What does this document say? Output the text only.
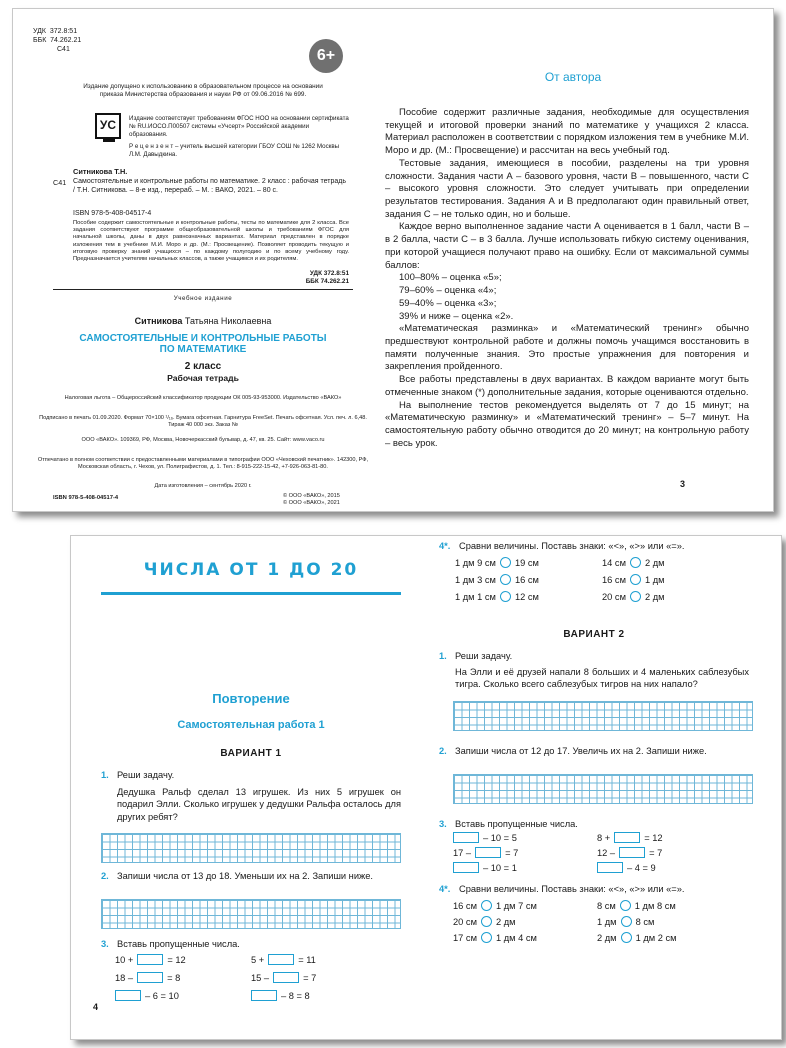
УДК 372.8:51
ББК 74.262.21
С41	6+
Издание допущено к использованию в образовательном процессе на основании приказа Министерства образования и науки РФ от 09.06.2016 № 699.
УС Издание соответствует требованиям ФГОС НОО на основании сертификата № RU.ИОСО.П00507 системы «Учсерт» Российской академии образования.
Р е ц е н з е н т – учитель высшей категории ГБОУ СОШ № 1262 Москвы Л.М. Давыдкина.
Ситникова Т.Н.
С41 Самостоятельные и контрольные работы по математике. 2 класс : рабочая тетрадь / Т.Н. Ситникова. – 8-е изд., перераб. – М. : ВАКО, 2021. – 80 с.
ISBN 978-5-408-04517-4
Пособие содержит самостоятельные и контрольные работы, тесты по математике для 2 класса. Все задания соответствуют программе общеобразовательной школы и требованиям ФГОС для начальной школы, даны в двух равнозначных вариантах. Материал представлен в порядке изложения тем в учебнике М.И. Моро и др. (М.: Просвещение). Позволяет проводить текущую и итоговую проверку знаний учащихся – по каждому полугодию и по всему учебному году. Предназначается учителям начальных классов, а также учащимся и их родителям.
УДК 372.8:51
ББК 74.262.21
Учебное издание
Ситникова Татьяна Николаевна
САМОСТОЯТЕЛЬНЫЕ И КОНТРОЛЬНЫЕ РАБОТЫ
ПО МАТЕМАТИКЕ
2 класс
Рабочая тетрадь
Налоговая льгота – Общероссийский классификатор продукции ОК 005-93-953000. Издательство «ВАКО»
Подписано в печать 01.09.2020. Формат 70×100 ¹/₁₆. Бумага офсетная. Гарнитура FreeSet. Печать офсетная. Усл. печ. л. 6,48. Тираж 40 000 экз. Заказ №
ООО «ВАКО». 109369, РФ, Москва, Новочеркасский бульвар, д. 47, кв. 25. Сайт: www.vaco.ru
Отпечатано в полном соответствии с предоставленными материалами в типографии ООО «Чеховский печатник». 142300, РФ, Московская область, г. Чехов, ул. Полиграфистов, д. 1. Тел.: 8-915-222-15-42, +7-926-063-81-80.
Дата изготовления – сентябрь 2020 г.
ISBN 978-5-408-04517-4	© ООО «ВАКО», 2015
© ООО «ВАКО», 2021
От автора

Пособие содержит различные задания, необходимые для осуществления текущей и итоговой проверки знаний по математике у учащихся 2 класса. Материал расположен в соответствии с порядком изложения тем в учебнике М.И. Моро и др. (М.: Просвещение) и рассчитан на весь учебный год.

Тестовые задания, имеющиеся в пособии, разделены на три уровня сложности. Задания части А – базового уровня, части В – повышенного, части С – высокого уровня сложности. Это следует учитывать при определении результатов тестирования. Задания А и В предполагают один правильный ответ, задания С – не только один, но и больше.

Каждое верно выполненное задание части А оценивается в 1 балл, части В – в 2 балла, части С – в 3 балла. Лучше использовать гибкую систему оценивания, при которой учащиеся получают право на ошибку. Если от максимальной суммы баллов:

100–80% – оценка «5»;
79–60% – оценка «4»;
59–40% – оценка «3»;
39% и ниже – оценка «2».

«Математическая разминка» и «Математический тренинг» обычно предшествуют контрольной работе и должны помочь учащимся восстановить в памяти полученные знания. Это простые упражнения для повторения и закрепления пройденного.

Все работы представлены в двух вариантах. В каждом варианте могут быть отмеченные знаком (*) дополнительные задания, которые оцениваются отдельно.

На выполнение тестов рекомендуется выделять от 7 до 15 минут; на «Математическую разминку» и «Математический тренинг» – 5–7 минут. На самостоятельную работу обычно отводится до 20 минут; на контрольную работу – весь урок.

3
ЧИСЛА ОТ 1 ДО 20
Повторение
Самостоятельная работа 1
ВАРИАНТ 1
1. Реши задачу.
Дедушка Ральф сделал 13 игрушек. Из них 5 игрушек он подарил Элли. Сколько игрушек у дедушки Ральфа осталось для других ребят?
2. Запиши числа от 13 до 18. Уменьши их на 2. Запиши ниже.
3. Вставь пропущенные числа.
4
4*. Сравни величины. Поставь знаки: «<», «>» или «=».
ВАРИАНТ 2
1. Реши задачу.
На Элли и её друзей напали 8 больших и 4 маленьких саблезубых тигра. Сколько всего саблезубых тигров на них напало?
2. Запиши числа от 12 до 17. Увеличь их на 2. Запиши ниже.
3. Вставь пропущенные числа.
4*. Сравни величины. Поставь знаки: «<», «>» или «=».
10 +	= 12	5 +	= 11
18 –	= 8	15 –	= 7
– 6 = 10	– 8 = 8
1 дм 9 см 19 см	14 см 2 дм
1 дм 3 см 16 см	16 см 1 дм
1 дм 1 см 12 см	20 см 2 дм
– 10 = 5	8 +	= 12
17 –	= 7	12 –	= 7
– 10 = 1	– 4 = 9
16 см 1 дм 7 см	8 см 1 дм 8 см
20 см 2 дм	1 дм 8 см
17 см 1 дм 4 см	2 дм 1 дм 2 см
